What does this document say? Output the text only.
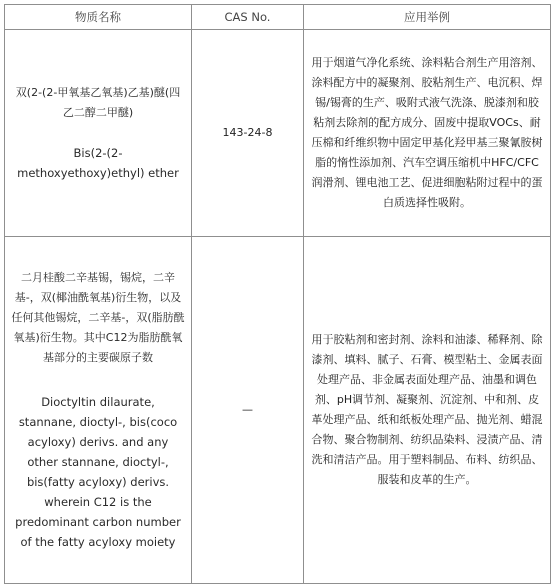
物质名称	CAS No.	应用举例

双(2-(2-甲氧基乙氧基)乙基)醚(四乙二醇二甲醚)
Bis(2-(2-methoxyethoxy)ethyl) ether	143-24-8	用于烟道气净化系统、涂料粘合剂生产用溶剂、涂料配方中的凝聚剂、胶粘剂生产、电沉积、焊锡/锡膏的生产、吸附式液气洗涤、脱漆剂和胶粘剂去除剂的配方成分、固废中提取VOCs、耐压棉和纤维织物中固定甲基化羟甲基三聚氰胺树脂的惰性添加剂、汽车空调压缩机中HFC/CFC润滑剂、锂电池工艺、促进细胞粘附过程中的蛋白质选择性吸附。

二月桂酸二辛基锡，锡烷，二辛基-，双(椰油酰氧基)衍生物，以及任何其他锡烷，二辛基-，双(脂肪酰氧基)衍生物。其中C12为脂肪酰氧基部分的主要碳原子数
Dioctyltin dilaurate, stannane, dioctyl-, bis(coco acyloxy) derivs. and any other stannane, dioctyl-, bis(fatty acyloxy) derivs. wherein C12 is the predominant carbon number of the fatty acyloxy moiety	—	用于胶粘剂和密封剂、涂料和油漆、稀释剂、除漆剂、填料、腻子、石膏、模型粘土、金属表面处理产品、非金属表面处理产品、油墨和调色剂、pH调节剂、凝聚剂、沉淀剂、中和剂、皮革处理产品、纸和纸板处理产品、抛光剂、蜡混合物、聚合物制剂、纺织品染料、浸渍产品、清洗和清洁产品。用于塑料制品、布料、纺织品、服装和皮革的生产。
